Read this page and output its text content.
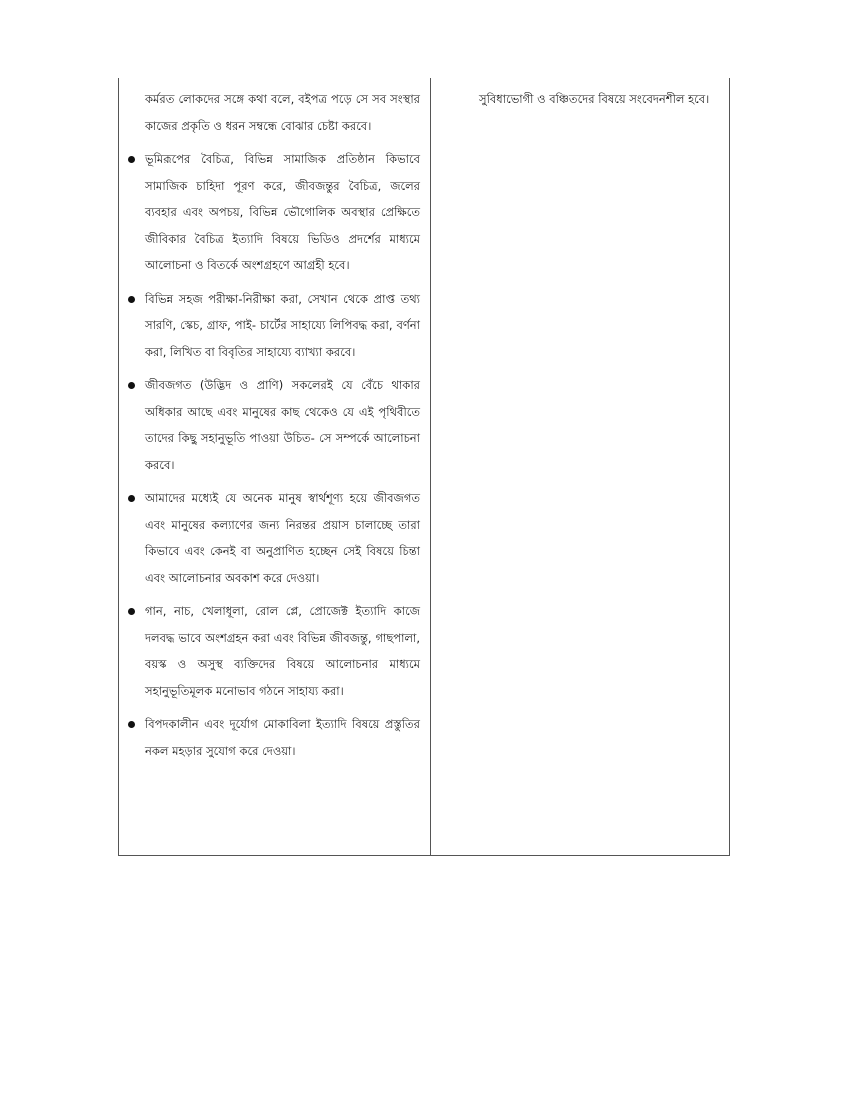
কর্মরত লোকদের সঙ্গে কথা বলে, বইপত্র পড়ে সে সব সংস্থার কাজের প্রকৃতি ও ধরন সম্বন্ধে বোঝার চেষ্টা করবে।

ভূমিরূপের বৈচিত্র, বিভিন্ন সামাজিক প্রতিষ্ঠান কিভাবে সামাজিক চাহিদা পূরণ করে, জীবজন্তুর বৈচিত্র, জলের ব্যবহার এবং অপচয়, বিভিন্ন ভৌগোলিক অবস্থার প্রেক্ষিতে জীবিকার বৈচিত্র ইত্যাদি বিষয়ে ভিডিও প্রদর্শের মাধ্যমে আলোচনা ও বিতর্কে অংশগ্রহণে আগ্রহী হবে।

বিভিন্ন সহজ পরীক্ষা-নিরীক্ষা করা, সেখান থেকে প্রাপ্ত তথ্য সারণি, স্কেচ, গ্রাফ, পাই- চার্টের সাহায্যে লিপিবদ্ধ করা, বর্ণনা করা, লিখিত বা বিবৃতির সাহায্যে ব্যাখ্যা করবে।

জীবজগত (উদ্ভিদ ও প্রাণি) সকলেরই যে বেঁচে থাকার অধিকার আছে এবং মানুষের কাছ থেকেও যে এই পৃথিবীতে তাদের কিছু সহানুভূতি পাওয়া উচিত- সে সম্পর্কে আলোচনা করবে।

আমাদের মধ্যেই যে অনেক মানুষ স্বার্থশূণ্য হয়ে জীবজগত এবং মানুষের কল্যাণের জন্য নিরন্তর প্রয়াস চালাচ্ছে তারা কিভাবে এবং কেনই বা অনুপ্রাণিত হচ্ছেন সেই বিষয়ে চিন্তা এবং আলোচনার অবকাশ করে দেওয়া।

গান, নাচ, খেলাধূলা, রোল প্লে, প্রোজেক্ট ইত্যাদি কাজে দলবদ্ধ ভাবে অংশগ্রহন করা এবং বিভিন্ন জীবজন্তু, গাছপালা, বয়স্ক ও অসুস্থ ব্যক্তিদের বিষয়ে আলোচনার মাধ্যমে সহানুভূতিমূলক মনোভাব গঠনে সাহায্য করা।

বিপদকালীন এবং দূর্যোগ মোকাবিলা ইত্যাদি বিষয়ে প্রস্তুতির নকল মহড়ার সুযোগ করে দেওয়া।

সুবিধাভোগী ও বঞ্চিতদের বিষয়ে সংবেদনশীল হবে।
